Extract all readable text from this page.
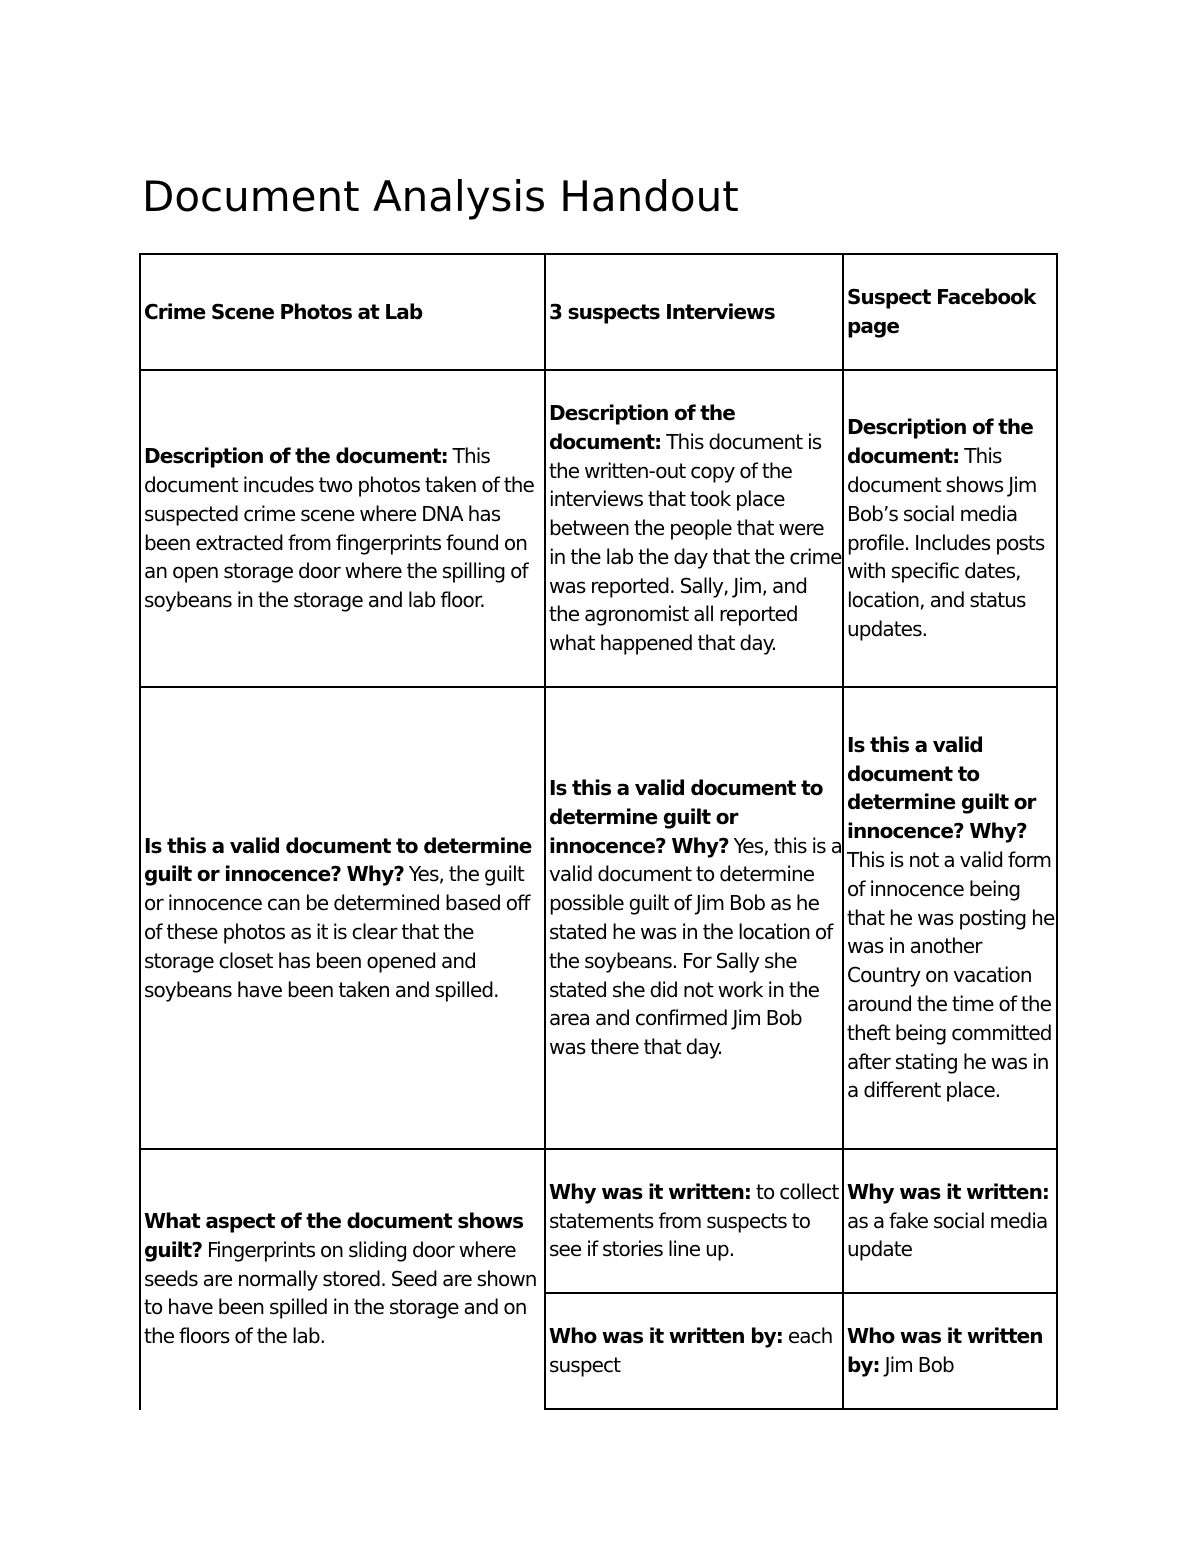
Document Analysis Handout
Crime Scene Photos at Lab	3 suspects Interviews
Suspect Facebook page
Description of the document: This document incudes two photos taken of the suspected crime scene where DNA has been extracted from fingerprints found on an open storage door where the spilling of soybeans in the storage and lab floor.
Description of the document: This document is the written-out copy of the interviews that took place between the people that were in the lab the day that the crime was reported. Sally, Jim, and the agronomist all reported what happened that day.
Description of the document: This document shows Jim Bob’s social media profile. Includes posts with specific dates, location, and status updates.
Is this a valid document to determine guilt or innocence? Why? Yes, the guilt or innocence can be determined based off of these photos as it is clear that the storage closet has been opened and soybeans have been taken and spilled.
Is this a valid document to determine guilt or innocence? Why? Yes, this is a valid document to determine possible guilt of Jim Bob as he stated he was in the location of the soybeans. For Sally she stated she did not work in the area and confirmed Jim Bob was there that day.
Is this a valid document to determine guilt or innocence? Why? This is not a valid form of innocence being that he was posting he was in another Country on vacation around the time of the theft being committed after stating he was in a different place.
What aspect of the document shows guilt? Fingerprints on sliding door where seeds are normally stored. Seed are shown to have been spilled in the storage and on the floors of the lab.
Why was it written: to collect statements from suspects to see if stories line up.
Why was it written: as a fake social media update
Who was it written by: each suspect
Who was it written by: Jim Bob
